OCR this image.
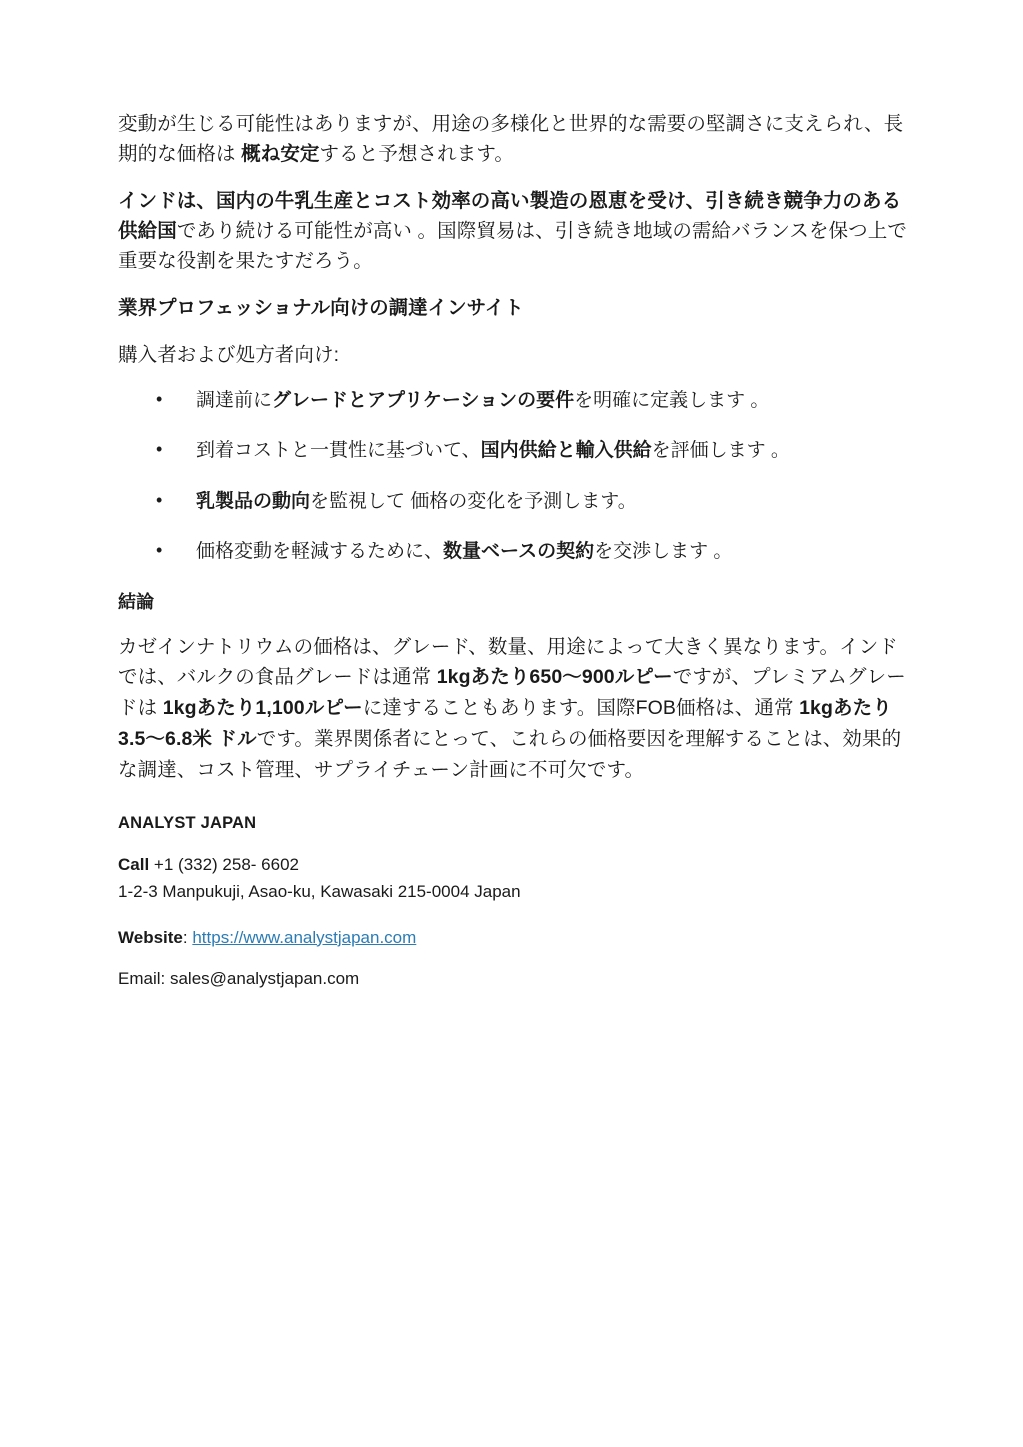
変動が生じる可能性はありますが、用途の多様化と世界的な需要の堅調さに支えられ、長期的な価格は 概ね安定すると予想されます。

インドは、国内の牛乳生産とコスト効率の高い製造の恩恵を受け、引き続き競争力のある供給国であり続ける可能性が高い 。国際貿易は、引き続き地域の需給バランスを保つ上で重要な役割を果たすだろう。

業界プロフェッショナル向けの調達インサイト

購入者および処方者向け:

• 調達前にグレードとアプリケーションの要件を明確に定義します 。
• 到着コストと一貫性に基づいて、国内供給と輸入供給を評価します 。
• 乳製品の動向を監視して 価格の変化を予測します。
• 価格変動を軽減するために、数量ベースの契約を交渉します 。
結論

カゼインナトリウムの価格は、グレード、数量、用途によって大きく異なります。インドでは、バルクの食品グレードは通常 1kgあたり650〜900ルピーですが、プレミアムグレードは 1kgあたり1,100ルピーに達することもあります。国際FOB価格は、通常 1kgあたり3.5〜6.8米 ドルです。業界関係者にとって、これらの価格要因を理解することは、効果的な調達、コスト管理、サプライチェーン計画に不可欠です。

ANALYST JAPAN
Call +1 (332) 258- 6602
1-2-3 Manpukuji, Asao-ku, Kawasaki 215-0004 Japan
Website: https://www.analystjapan.com
Email: sales@analystjapan.com
